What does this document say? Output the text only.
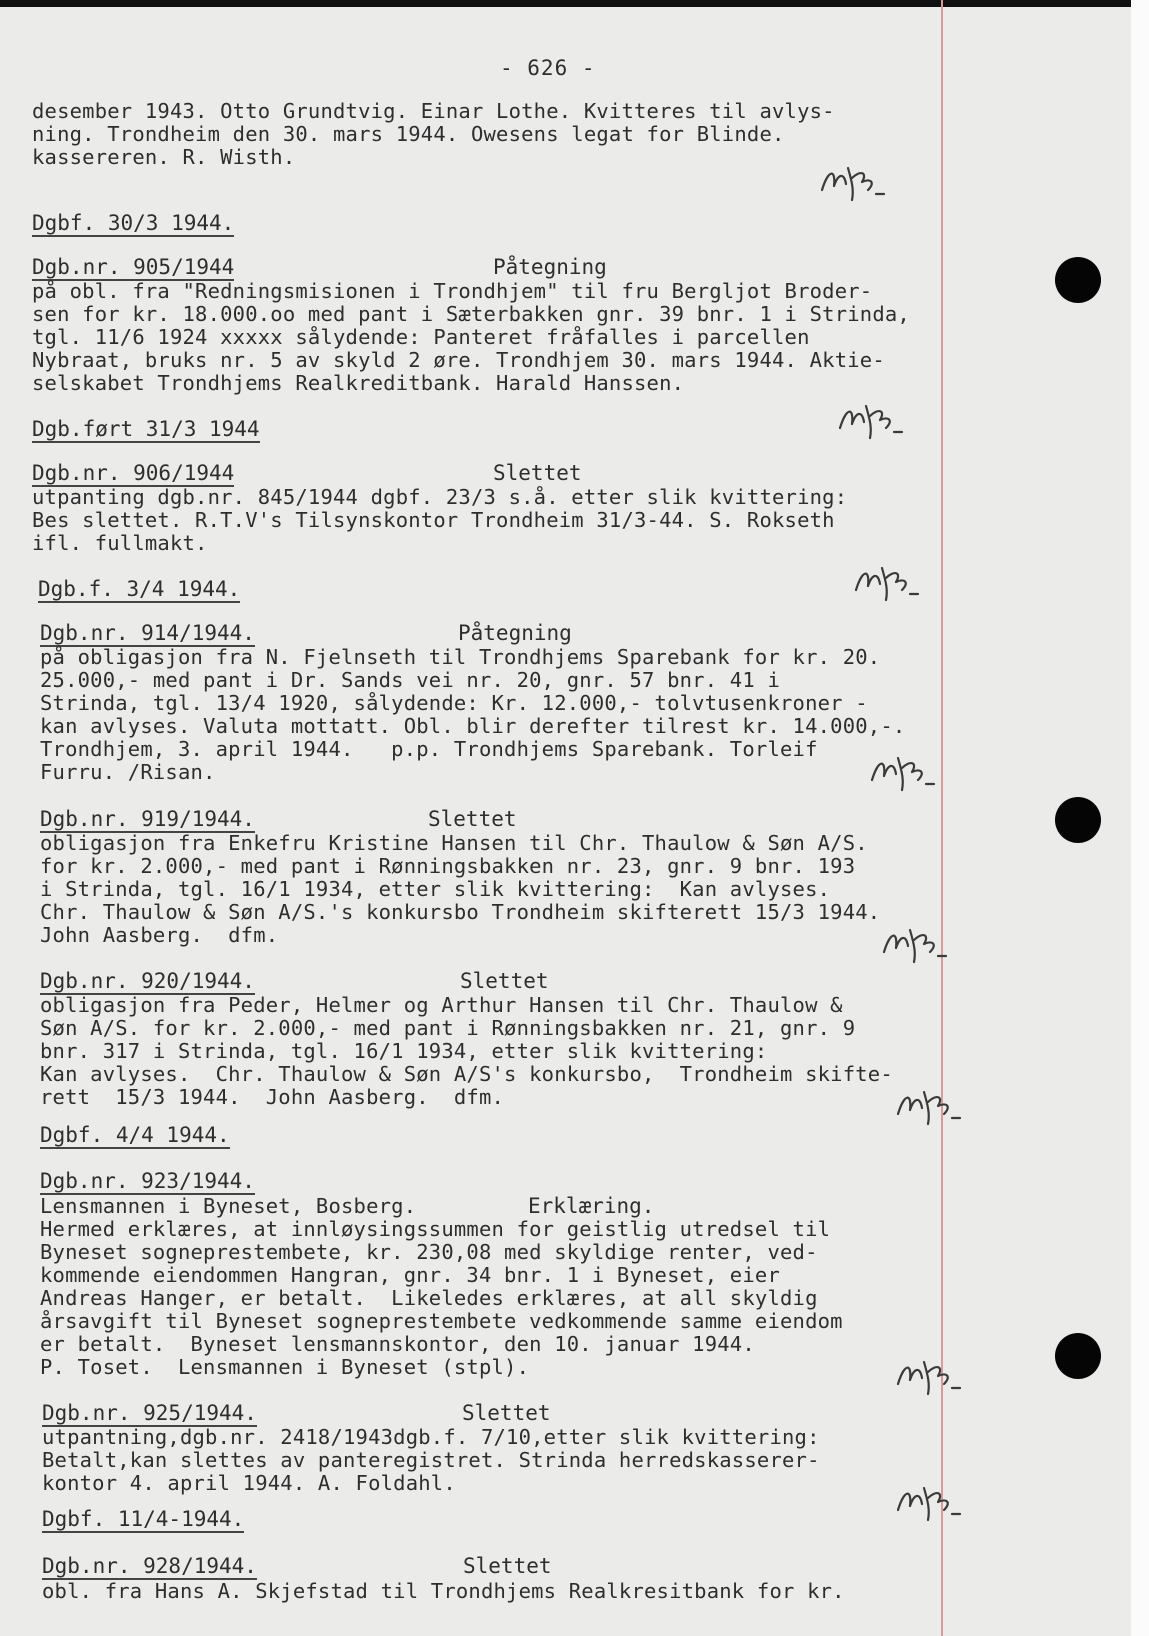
- 626 -

desember 1943. Otto Grundtvig. Einar Lothe. Kvitteres til avlys-

ning. Trondheim den 30. mars 1944. Owesens legat for Blinde.

kassereren. R. Wisth.

Dgbf. 30/3 1944.
Dgb.nr. 905/1944	Påtegning

på obl. fra "Redningsmisionen i Trondhjem" til fru Bergljot Broder-

sen for kr. 18.000.oo med pant i Sæterbakken gnr. 39 bnr. 1 i Strinda,

tgl. 11/6 1924 xxxxx sålydende: Panteret fråfalles i parcellen

Nybraat, bruks nr. 5 av skyld 2 øre. Trondhjem 30. mars 1944. Aktie-

selskabet Trondhjems Realkreditbank. Harald Hanssen.

Dgb.ført 31/3 1944
Dgb.nr. 906/1944	Slettet

utpanting dgb.nr. 845/1944 dgbf. 23/3 s.å. etter slik kvittering:

Bes slettet. R.T.V's Tilsynskontor Trondheim 31/3-44. S. Rokseth

ifl. fullmakt.

Dgb.f. 3/4 1944.
Dgb.nr. 914/1944.	Påtegning

på obligasjon fra N. Fjelnseth til Trondhjems Sparebank for kr. 20.

25.000,- med pant i Dr. Sands vei nr. 20, gnr. 57 bnr. 41 i

Strinda, tgl. 13/4 1920, sålydende: Kr. 12.000,- tolvtusenkroner -

kan avlyses. Valuta mottatt. Obl. blir derefter tilrest kr. 14.000,-.

Trondhjem, 3. april 1944.   p.p. Trondhjems Sparebank. Torleif

Furru. /Risan.

Dgb.nr. 919/1944.	Slettet

obligasjon fra Enkefru Kristine Hansen til Chr. Thaulow & Søn A/S.

for kr. 2.000,- med pant i Rønningsbakken nr. 23, gnr. 9 bnr. 193

i Strinda, tgl. 16/1 1934, etter slik kvittering:  Kan avlyses.

Chr. Thaulow & Søn A/S.'s konkursbo Trondheim skifterett 15/3 1944.

John Aasberg.  dfm.

Dgb.nr. 920/1944.	Slettet

obligasjon fra Peder, Helmer og Arthur Hansen til Chr. Thaulow &

Søn A/S. for kr. 2.000,- med pant i Rønningsbakken nr. 21, gnr. 9

bnr. 317 i Strinda, tgl. 16/1 1934, etter slik kvittering:

Kan avlyses.  Chr. Thaulow & Søn A/S's konkursbo,  Trondheim skifte-

rett  15/3 1944.  John Aasberg.  dfm.

Dgbf. 4/4 1944.
Dgb.nr. 923/1944.
Erklæring.

Lensmannen i Byneset, Bosberg.

Hermed erklæres, at innløysingssummen for geistlig utredsel til

Byneset sogneprestembete, kr. 230,08 med skyldige renter, ved-

kommende eiendommen Hangran, gnr. 34 bnr. 1 i Byneset, eier

Andreas Hanger, er betalt.  Likeledes erklæres, at all skyldig

årsavgift til Byneset sogneprestembete vedkommende samme eiendom

er betalt.  Byneset lensmannskontor, den 10. januar 1944.

P. Toset.  Lensmannen i Byneset (stpl).

Dgb.nr. 925/1944.	Slettet

utpantning,dgb.nr. 2418/1943dgb.f. 7/10,etter slik kvittering:

Betalt,kan slettes av panteregistret. Strinda herredskasserer-

kontor 4. april 1944. A. Foldahl.

Dgbf. 11/4-1944.
Dgb.nr. 928/1944.	Slettet

obl. fra Hans A. Skjefstad til Trondhjems Realkresitbank for kr.
